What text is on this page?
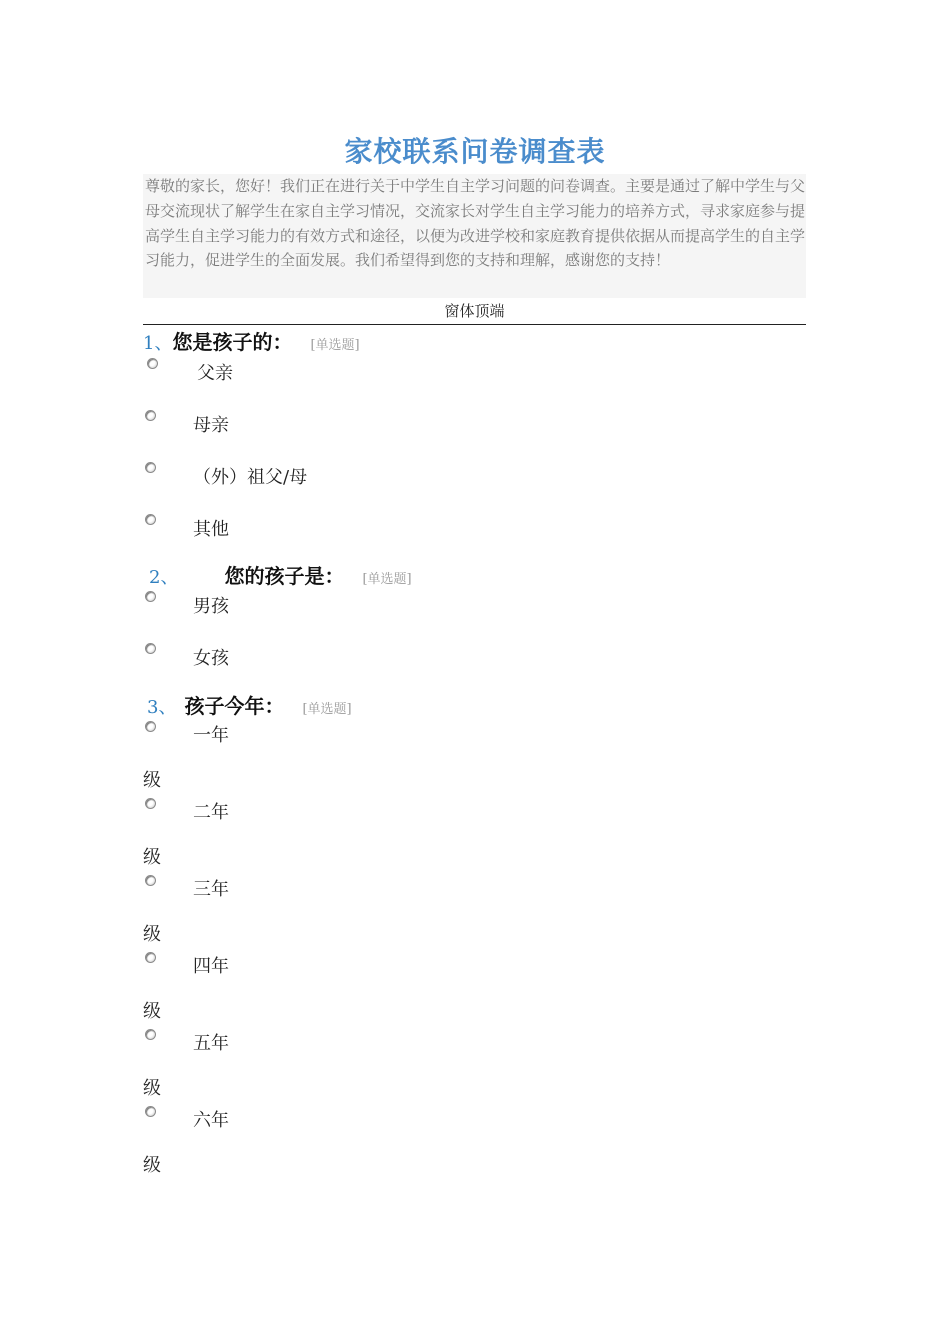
家校联系问卷调查表
尊敬的家长，您好！我们正在进行关于中学生自主学习问题的问卷调查。主要是通过了解中学生与父母交流现状了解学生在家自主学习情况，交流家长对学生自主学习能力的培养方式，寻求家庭参与提高学生自主学习能力的有效方式和途径，以便为改进学校和家庭教育提供依据从而提高学生的自主学习能力，促进学生的全面发展。我们希望得到您的支持和理解，感谢您的支持！
窗体顶端
1、 您是孩子的： [单选题]
父亲
母亲
（外）祖父/母
其他
2、 您的孩子是： [单选题]
男孩
女孩
3、 孩子今年： [单选题]
一年
级
二年
级
三年
级
四年
级
五年
级
六年
级
